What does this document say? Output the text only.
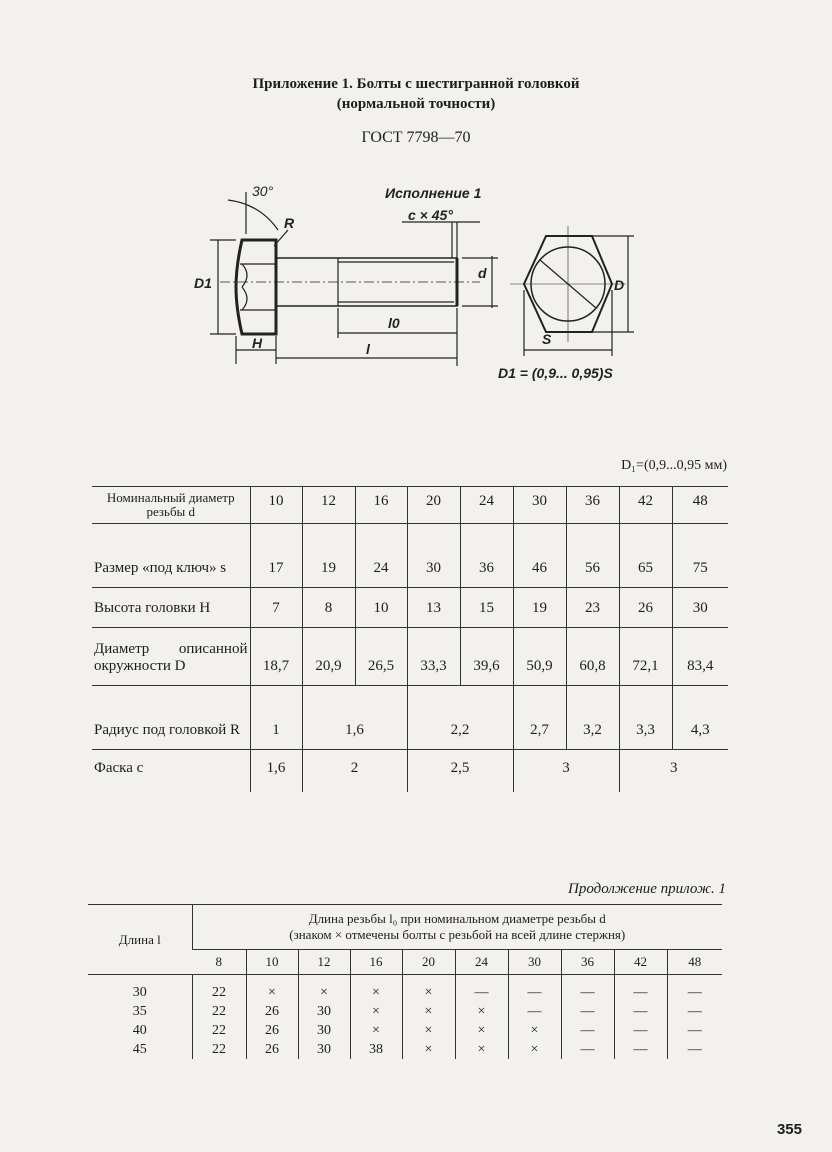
Приложение 1. Болты с шестигранной головкой
(нормальной точности)
ГОСТ 7798—70
Исполнение 1
30°
R	c × 45°
D1
d
l0
l
H	S
D
D1 = (0,9... 0,95)S
D₁=(0,9...0,95 мм)
Номинальный диаметр резьбы d	10	12	16	20	24	30	36	42	48
Размер «под ключ» s	17	19	24	30	36	46	56	65	75
Высота головки H	7	8	10	13	15	19	23	26	30
Диаметр описанной окружности D	18,7	20,9	26,5	33,3	39,6	50,9	60,8	72,1	83,4
Радиус под головкой R	1	1,6		2,2		2,7	3,2	3,3	4,3
Фаска c	1,6	2		2,5		3		3	
Продолжение прилож. 1
Длина l	Длина резьбы l₀ при номинальном диаметре резьбы d
(знаком × отмечены болты с резьбой на всей длине стержня)									

	8	10	12	16	20	24	30	36	42	48
30	22	×	×	×	×	—	—	—	—	—
35	22	26	30	×	×	×	—	—	—	—
40	22	26	30	×	×	×	×	—	—	—
45	22	26	30	38	×	×	×	—	—	—
355
